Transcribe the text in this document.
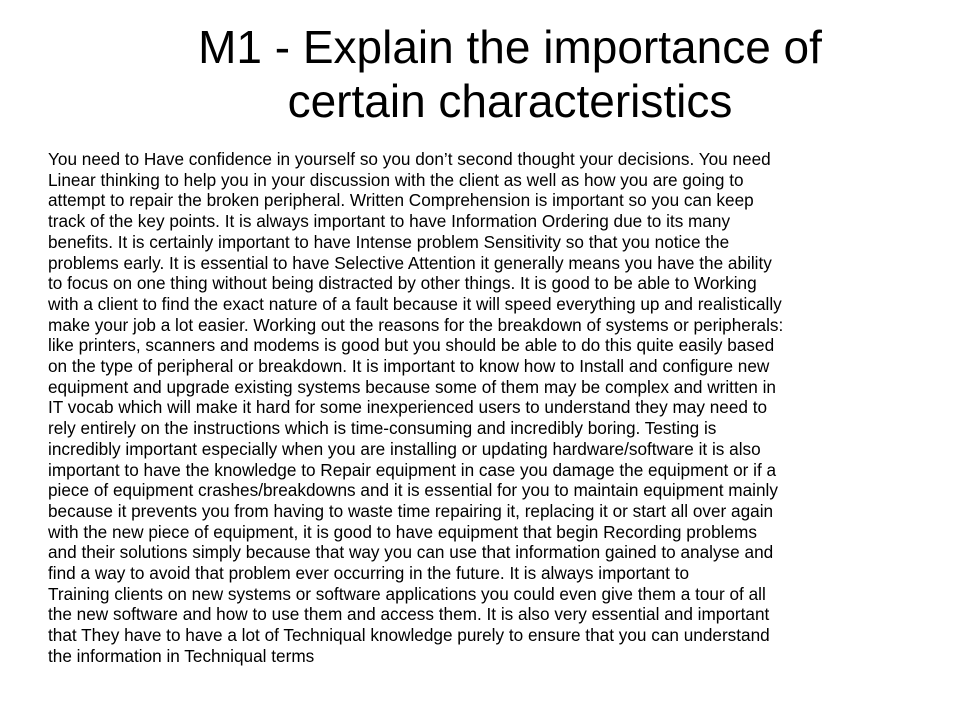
M1 - Explain the importance of
certain characteristics
You need to Have confidence in yourself so you don’t second thought your decisions. You need
Linear thinking to help you in your discussion with the client as well as how you are going to
attempt to repair the broken peripheral. Written Comprehension is important so you can keep
track of the key points. It is always important to have Information Ordering due to its many
benefits. It is certainly important to have Intense problem Sensitivity so that you notice the
problems early. It is essential to have Selective Attention it generally means you have the ability
to focus on one thing without being distracted by other things. It is good to be able to Working
with a client to find the exact nature of a fault because it will speed everything up and realistically
make your job a lot easier. Working out the reasons for the breakdown of systems or peripherals:
like printers, scanners and modems is good but you should be able to do this quite easily based
on the type of peripheral or breakdown. It is important to know how to Install and configure new
equipment and upgrade existing systems because some of them may be complex and written in
IT vocab which will make it hard for some inexperienced users to understand they may need to
rely entirely on the instructions which is time-consuming and incredibly boring. Testing is
incredibly important especially when you are installing or updating hardware/software it is also
important to have the knowledge to Repair equipment in case you damage the equipment or if a
piece of equipment crashes/breakdowns and it is essential for you to maintain equipment mainly
because it prevents you from having to waste time repairing it, replacing it or start all over again
with the new piece of equipment, it is good to have equipment that begin Recording problems
and their solutions simply because that way you can use that information gained to analyse and
find a way to avoid that problem ever occurring in the future. It is always important to
Training clients on new systems or software applications you could even give them a tour of all
the new software and how to use them and access them. It is also very essential and important
that They have to have a lot of Techniqual knowledge purely to ensure that you can understand
the information in Techniqual terms
